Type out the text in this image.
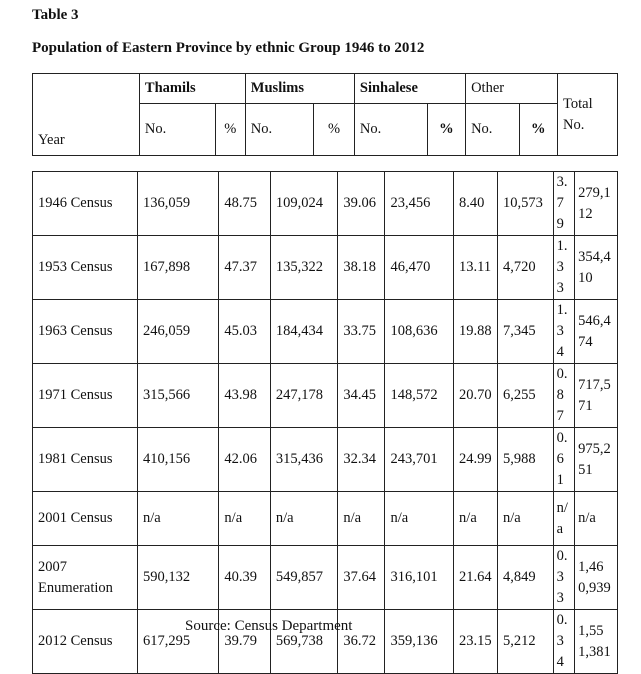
Table 3
Population of Eastern Province by ethnic Group 1946 to 2012
Year	Thamils		Muslims		Sinhalese		Other		Total No.
	No.	%	No.	%	No.	%	No.	%	
1946 Census	136,059	48.75	109,024	39.06	23,456	8.40	10,573	3.79	279,112
1953 Census	167,898	47.37	135,322	38.18	46,470	13.11	4,720	1.33	354,410
1963 Census	246,059	45.03	184,434	33.75	108,636	19.88	7,345	1.34	546,474
1971 Census	315,566	43.98	247,178	34.45	148,572	20.70	6,255	0.87	717,571
1981 Census	410,156	42.06	315,436	32.34	243,701	24.99	5,988	0.61	975,251
2001 Census	n/a	n/a	n/a	n/a	n/a	n/a	n/a	n/a	n/a
2007 Enumeration	590,132	40.39	549,857	37.64	316,101	21.64	4,849	0.33	1,460,939
2012 Census	617,295	39.79	569,738	36.72	359,136	23.15	5,212	0.34	1,551,381
Source: Census Department
